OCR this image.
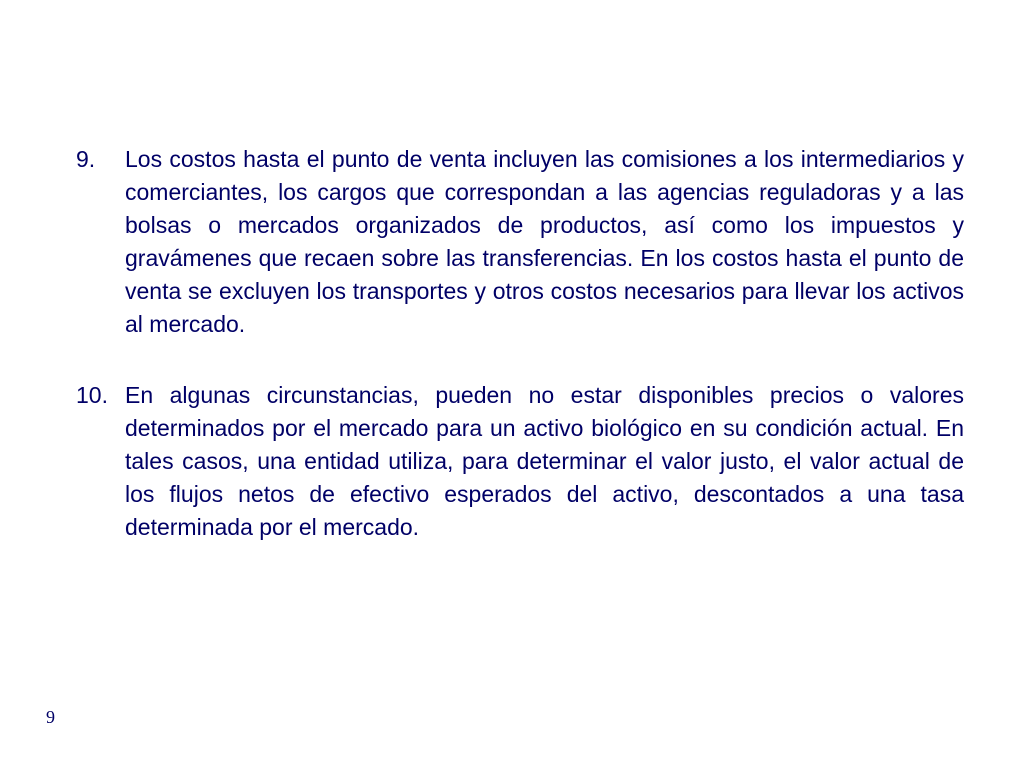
9.	Los costos hasta el punto de venta incluyen las comisiones a los intermediarios y comerciantes, los cargos que correspondan a las agencias reguladoras y a las bolsas o mercados organizados de productos, así como los impuestos y gravámenes que recaen sobre las transferencias. En los costos hasta el punto de venta se excluyen los transportes y otros costos necesarios para llevar los activos al mercado.
10. En algunas circunstancias, pueden no estar disponibles precios o valores determinados por el mercado para un activo biológico en su condición actual. En tales casos, una entidad utiliza, para determinar el valor justo, el valor actual de los flujos netos de efectivo esperados del activo, descontados a una tasa determinada por el mercado.
9
